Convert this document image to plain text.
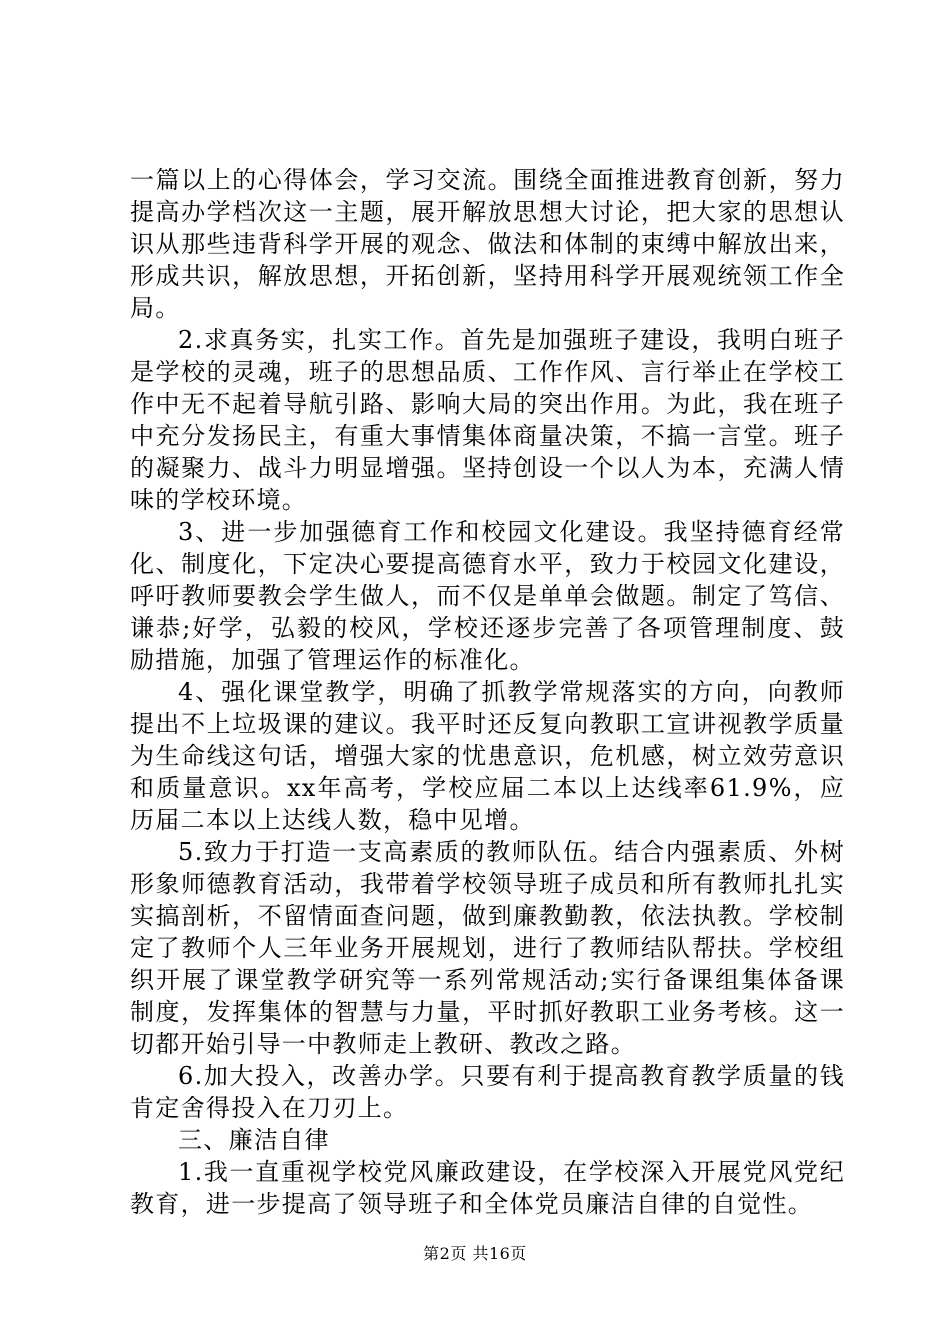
一篇以上的心得体会，学习交流。围绕全面推进教育创新，努力提高办学档次这一主题，展开解放思想大讨论，把大家的思想认识从那些违背科学开展的观念、做法和体制的束缚中解放出来，形成共识，解放思想，开拓创新，坚持用科学开展观统领工作全局。

2.求真务实，扎实工作。首先是加强班子建设，我明白班子是学校的灵魂，班子的思想品质、工作作风、言行举止在学校工作中无不起着导航引路、影响大局的突出作用。为此，我在班子中充分发扬民主，有重大事情集体商量决策，不搞一言堂。班子的凝聚力、战斗力明显增强。坚持创设一个以人为本，充满人情味的学校环境。

3、进一步加强德育工作和校园文化建设。我坚持德育经常化、制度化，下定决心要提高德育水平，致力于校园文化建设，呼吁教师要教会学生做人，而不仅是单单会做题。制定了笃信、谦恭;好学，弘毅的校风，学校还逐步完善了各项管理制度、鼓励措施，加强了管理运作的标准化。

4、强化课堂教学，明确了抓教学常规落实的方向，向教师提出不上垃圾课的建议。我平时还反复向教职工宣讲视教学质量为生命线这句话，增强大家的忧患意识，危机感，树立效劳意识和质量意识。xx年高考，学校应届二本以上达线率61.9%，应历届二本以上达线人数，稳中见增。

5.致力于打造一支高素质的教师队伍。结合内强素质、外树形象师德教育活动，我带着学校领导班子成员和所有教师扎扎实实搞剖析，不留情面查问题，做到廉教勤教，依法执教。学校制定了教师个人三年业务开展规划，进行了教师结队帮扶。学校组织开展了课堂教学研究等一系列常规活动;实行备课组集体备课制度，发挥集体的智慧与力量，平时抓好教职工业务考核。这一切都开始引导一中教师走上教研、教改之路。

6.加大投入，改善办学。只要有利于提高教育教学质量的钱肯定舍得投入在刀刃上。

三、廉洁自律

1.我一直重视学校党风廉政建设，在学校深入开展党风党纪教育，进一步提高了领导班子和全体党员廉洁自律的自觉性。

第2页 共16页
